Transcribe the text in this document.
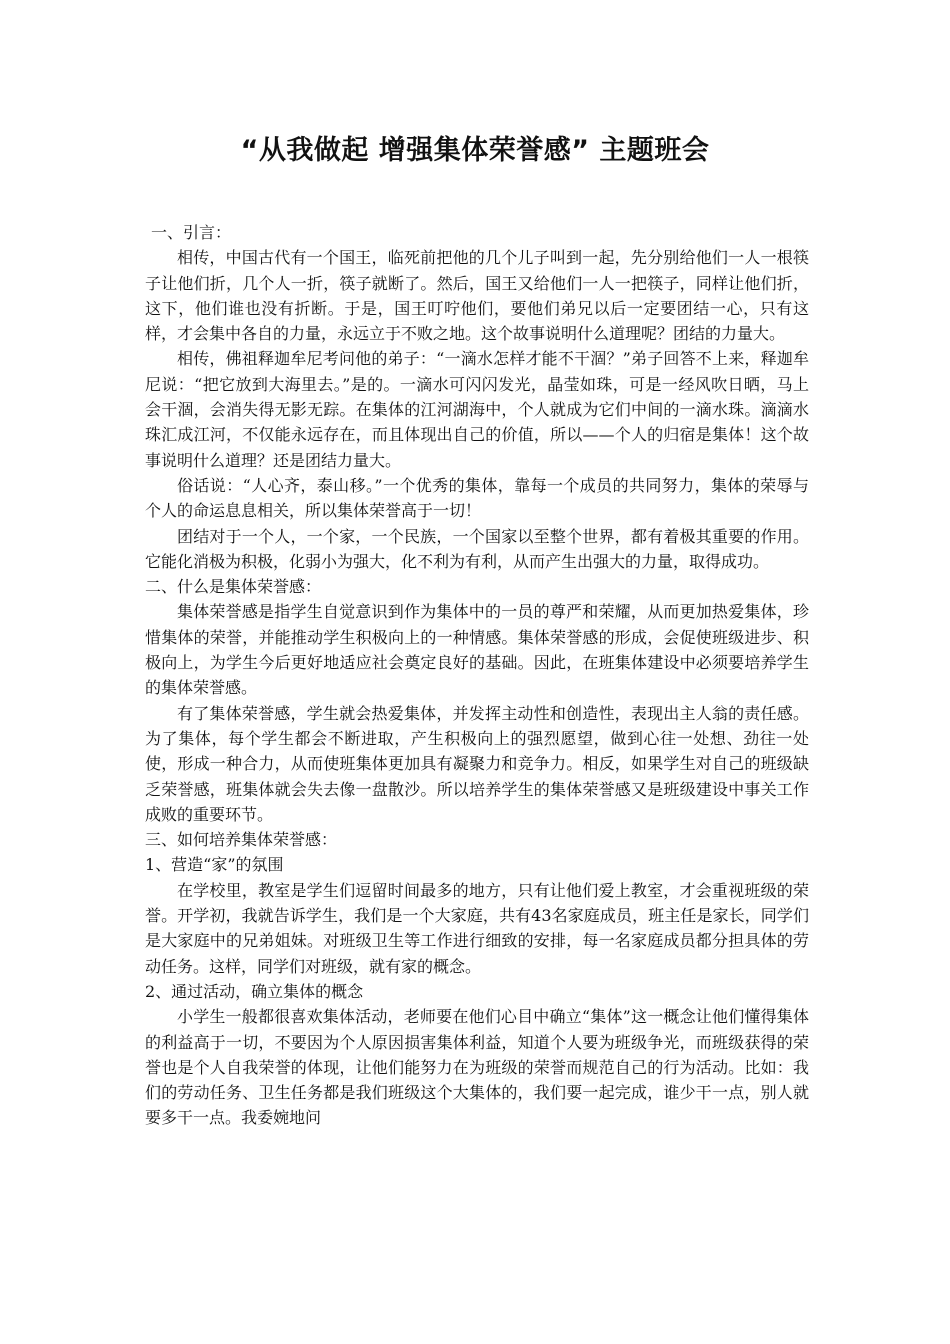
“从我做起 增强集体荣誉感” 主题班会

一、引言：

相传，中国古代有一个国王，临死前把他的几个儿子叫到一起，先分别给他们一人一根筷子让他们折，几个人一折，筷子就断了。然后，国王又给他们一人一把筷子，同样让他们折，这下，他们谁也没有折断。于是，国王叮咛他们，要他们弟兄以后一定要团结一心，只有这样，才会集中各自的力量，永远立于不败之地。这个故事说明什么道理呢？团结的力量大。

相传，佛祖释迦牟尼考问他的弟子：“一滴水怎样才能不干涸？”弟子回答不上来，释迦牟尼说：“把它放到大海里去。”是的。一滴水可闪闪发光，晶莹如珠，可是一经风吹日晒，马上会干涸，会消失得无影无踪。在集体的江河湖海中，个人就成为它们中间的一滴水珠。滴滴水珠汇成江河，不仅能永远存在，而且体现出自己的价值，所以——个人的归宿是集体！这个故事说明什么道理？还是团结力量大。

俗话说：“人心齐，泰山移。”一个优秀的集体，靠每一个成员的共同努力，集体的荣辱与个人的命运息息相关，所以集体荣誉高于一切！

团结对于一个人，一个家，一个民族，一个国家以至整个世界，都有着极其重要的作用。它能化消极为积极，化弱小为强大，化不利为有利，从而产生出强大的力量，取得成功。

二、什么是集体荣誉感：

集体荣誉感是指学生自觉意识到作为集体中的一员的尊严和荣耀，从而更加热爱集体，珍惜集体的荣誉，并能推动学生积极向上的一种情感。集体荣誉感的形成，会促使班级进步、积极向上，为学生今后更好地适应社会奠定良好的基础。因此，在班集体建设中必须要培养学生的集体荣誉感。

有了集体荣誉感，学生就会热爱集体，并发挥主动性和创造性，表现出主人翁的责任感。为了集体，每个学生都会不断进取，产生积极向上的强烈愿望，做到心往一处想、劲往一处使，形成一种合力，从而使班集体更加具有凝聚力和竞争力。相反，如果学生对自己的班级缺乏荣誉感，班集体就会失去像一盘散沙。所以培养学生的集体荣誉感又是班级建设中事关工作成败的重要环节。

三、如何培养集体荣誉感：

1、营造“家”的氛围

在学校里，教室是学生们逗留时间最多的地方，只有让他们爱上教室，才会重视班级的荣誉。开学初，我就告诉学生，我们是一个大家庭，共有43名家庭成员，班主任是家长，同学们是大家庭中的兄弟姐妹。对班级卫生等工作进行细致的安排，每一名家庭成员都分担具体的劳动任务。这样，同学们对班级，就有家的概念。

2、通过活动，确立集体的概念

小学生一般都很喜欢集体活动，老师要在他们心目中确立“集体”这一概念让他们懂得集体的利益高于一切，不要因为个人原因损害集体利益，知道个人要为班级争光，而班级获得的荣誉也是个人自我荣誉的体现，让他们能努力在为班级的荣誉而规范自己的行为活动。比如：我们的劳动任务、卫生任务都是我们班级这个大集体的，我们要一起完成，谁少干一点，别人就要多干一点。我委婉地问
